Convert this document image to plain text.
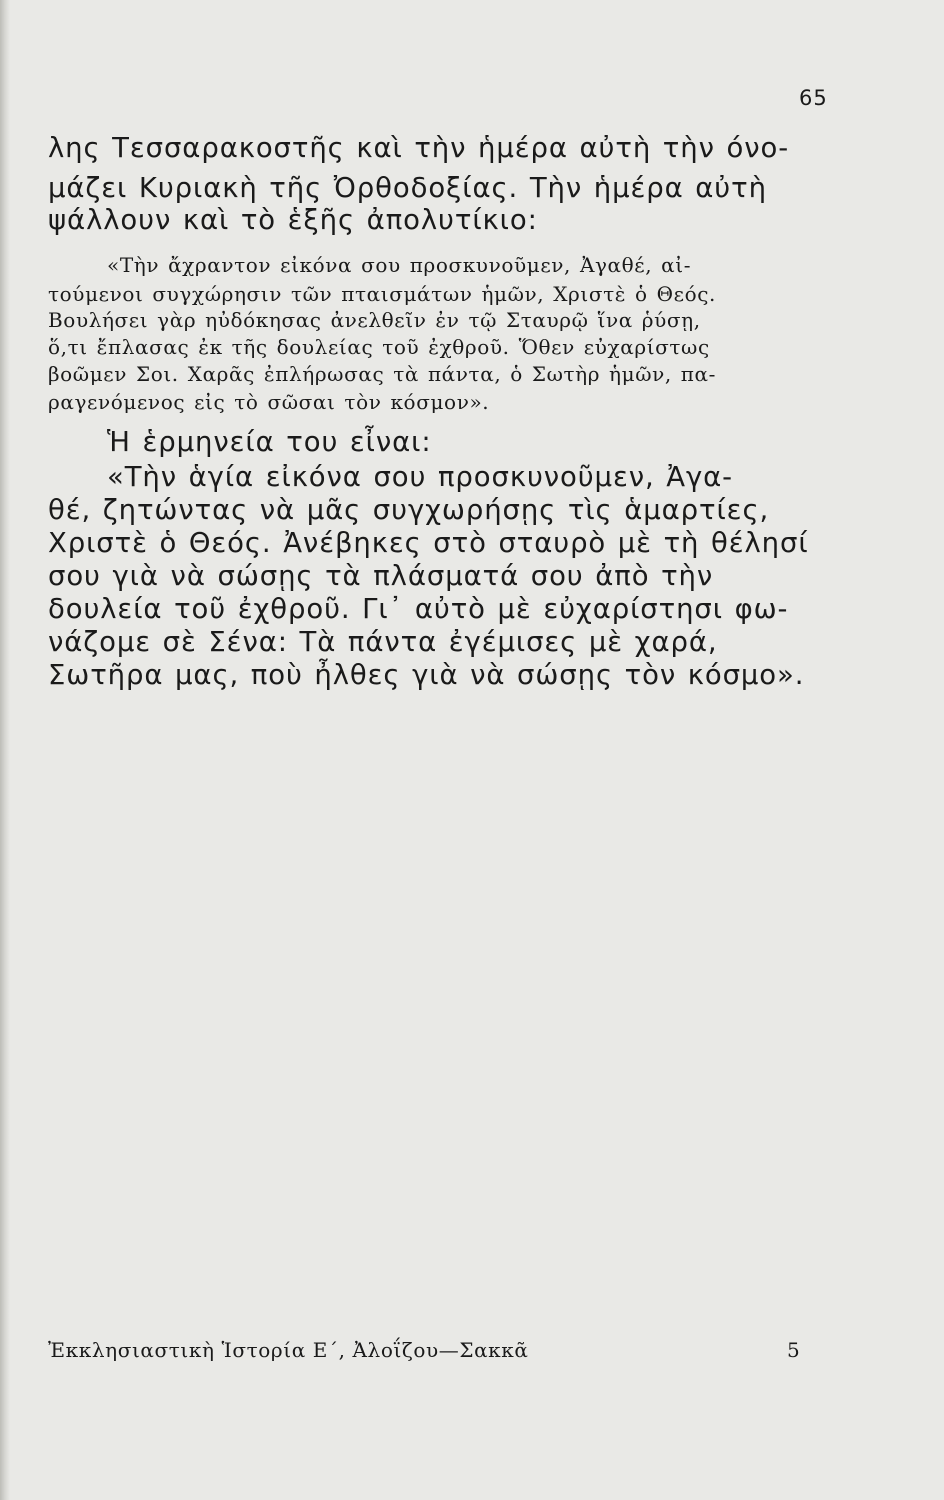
65
λης Τεσσαρακοστῆς καὶ τὴν ἡμέρα αὐτὴ τὴν όνο-
μάζει Κυριακὴ τῆς Ὀρθοδοξίας. Τὴν ἡμέρα αὐτὴ
ψάλλουν καὶ τὸ ἑξῆς ἀπολυτίκιο:
«Τὴν ἄχραντον εἰκόνα σου προσκυνοῦμεν, Ἀγαθέ, αἰ-
τούμενοι συγχώρησιν τῶν πταισμάτων ἡμῶν, Χριστὲ ὁ Θεός.
Βουλήσει γὰρ ηὐδόκησας ἀνελθεῖν ἐν τῷ Σταυρῷ ἵνα ῥύσῃ,
ὅ,τι ἔπλασας ἐκ τῆς δουλείας τοῦ ἐχθροῦ. Ὅθεν εὐχαρίστως
βοῶμεν Σοι. Χαρᾶς ἐπλήρωσας τὰ πάντα, ὁ Σωτὴρ ἡμῶν, πα-
ραγενόμενος εἰς τὸ σῶσαι τὸν κόσμον».
Ἡ ἑρμηνεία του εἶναι:
«Τὴν ἁγία εἰκόνα σου προσκυνοῦμεν, Ἀγα-
θέ, ζητώντας νὰ μᾶς συγχωρήσῃς τὶς ἁμαρτίες,
Χριστὲ ὁ Θεός. Ἀνέβηκες στὸ σταυρὸ μὲ τὴ θέλησί
σου γιὰ νὰ σώσῃς τὰ πλάσματά σου ἀπὸ τὴν
δουλεία τοῦ ἐχθροῦ. Γι᾽ αὐτὸ μὲ εὐχαρίστησι φω-
νάζομε σὲ Σένα: Τὰ πάντα ἐγέμισες μὲ χαρά,
Σωτῆρα μας, ποὺ ἦλθες γιὰ νὰ σώσῃς τὸν κόσμο».
Ἐκκλησιαστικὴ Ἱστορία Ε΄, Ἀλοΐζου—Σακκᾶ	5
